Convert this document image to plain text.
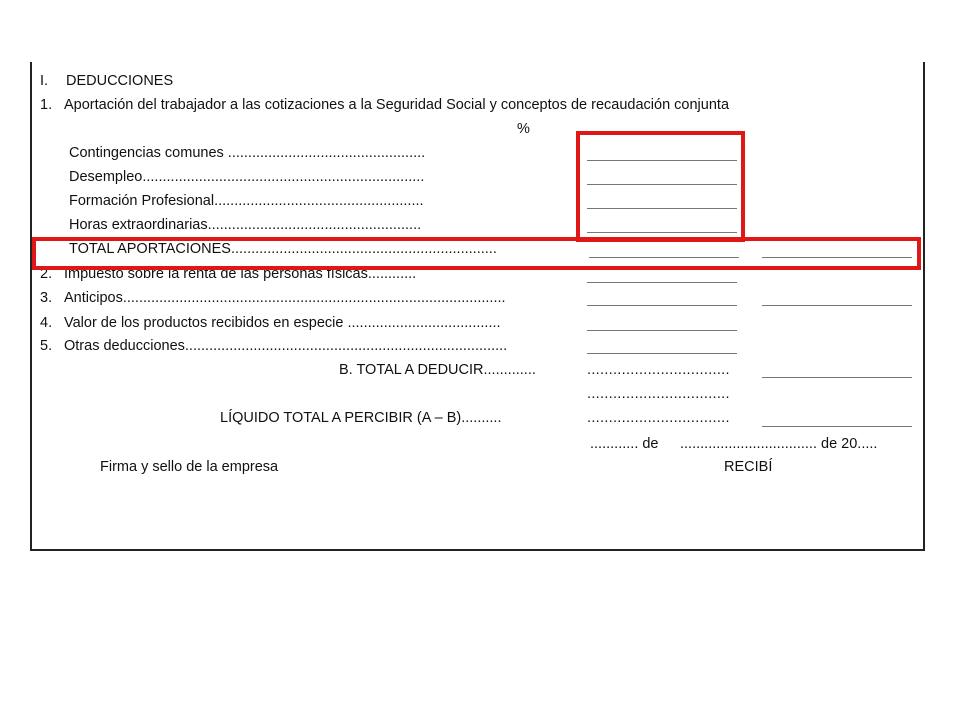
I. DEDUCCIONES
1. Aportación del trabajador a las cotizaciones a la Seguridad Social y conceptos de recaudación conjunta
%
Contingencias comunes .................................................
Desempleo......................................................................
Formación Profesional....................................................
Horas extraordinarias.....................................................
TOTAL APORTACIONES..................................................................
2. Impuesto sobre la renta de las personas físicas............
3. Anticipos...............................................................................................
4. Valor de los productos recibidos en especie ......................................
5. Otras deducciones................................................................................
B. TOTAL A DEDUCIR.............	.................................
.................................
LÍQUIDO TOTAL A PERCIBIR (A – B)..........	.................................
............ de .................................. de 20.....
Firma y sello de la empresa	RECIBÍ
